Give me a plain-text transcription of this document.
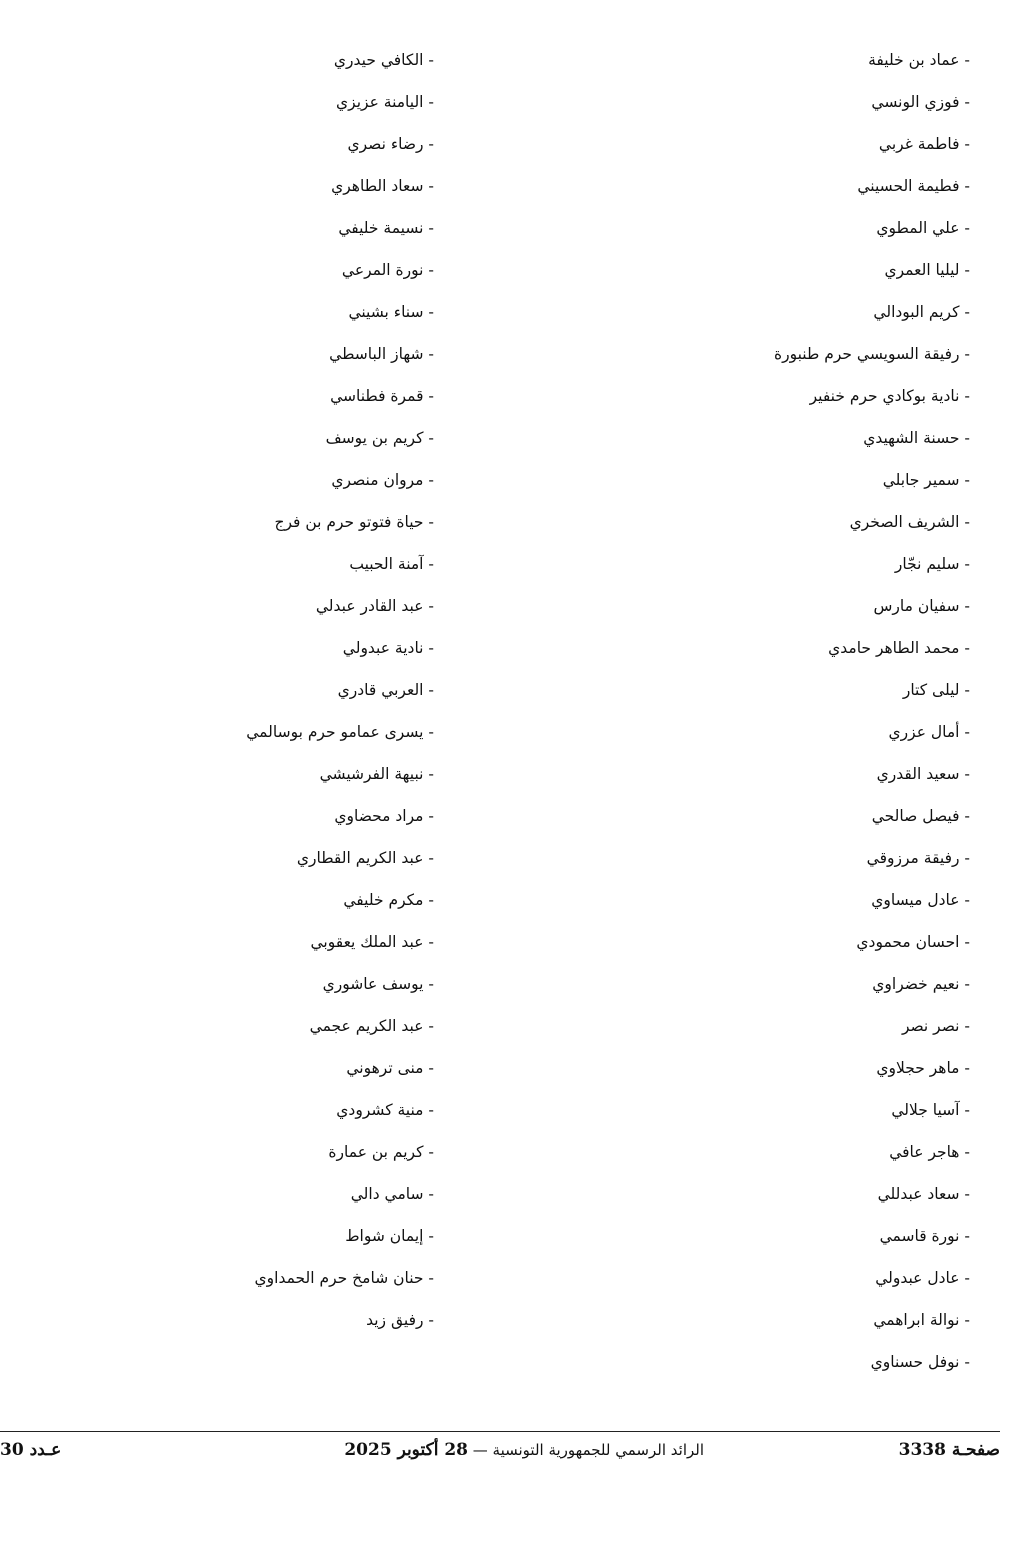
- عماد بن خليفة
- فوزي الونسي
- فاطمة غربي
- فطيمة الحسيني
- علي المطوي
- ليليا العمري
- كريم البودالي
- رفيقة السويسي حرم طنبورة
- نادية بوكادي حرم خنفير
- حسنة الشهيدي
- سمير جابلي
- الشريف الصخري
- سليم نجّار
- سفيان مارس
- محمد الطاهر حامدي
- ليلى كتار
- أمال عزري
- سعيد القدري
- فيصل صالحي
- رفيقة مرزوقي
- عادل ميساوي
- احسان محمودي
- نعيم خضراوي
- نصر نصر
- ماهر حجلاوي
- آسيا جلالي
- هاجر عافي
- سعاد عبدللي
- نورة قاسمي
- عادل عبدولي
- نوالة ابراهمي
- نوفل حسناوي
- الكافي حيدري
- اليامنة عزيزي
- رضاء نصري
- سعاد الطاهري
- نسيمة خليفي
- نورة المرعي
- سناء بشيني
- شهاز الباسطي
- قمرة فطناسي
- كريم بن يوسف
- مروان منصري
- حياة فتوتو حرم بن فرج
- آمنة الحبيب
- عبد القادر عبدلي
- نادية عبدولي
- العربي قادري
- يسرى عمامو حرم بوسالمي
- نبيهة الفرشيشي
- مراد محضاوي
- عبد الكريم القطاري
- مكرم خليفي
- عبد الملك يعقوبي
- يوسف عاشوري
- عبد الكريم عجمي
- منى ترهوني
- منية كشرودي
- كريم بن عمارة
- سامي دالي
- إيمان شواط
- حنان شامخ حرم الحمداوي
- رفيق زيد
صفحـة 3338
الرائد الرسمي للجمهورية التونسية — 28 أكتوبر 2025
عـدد 30
